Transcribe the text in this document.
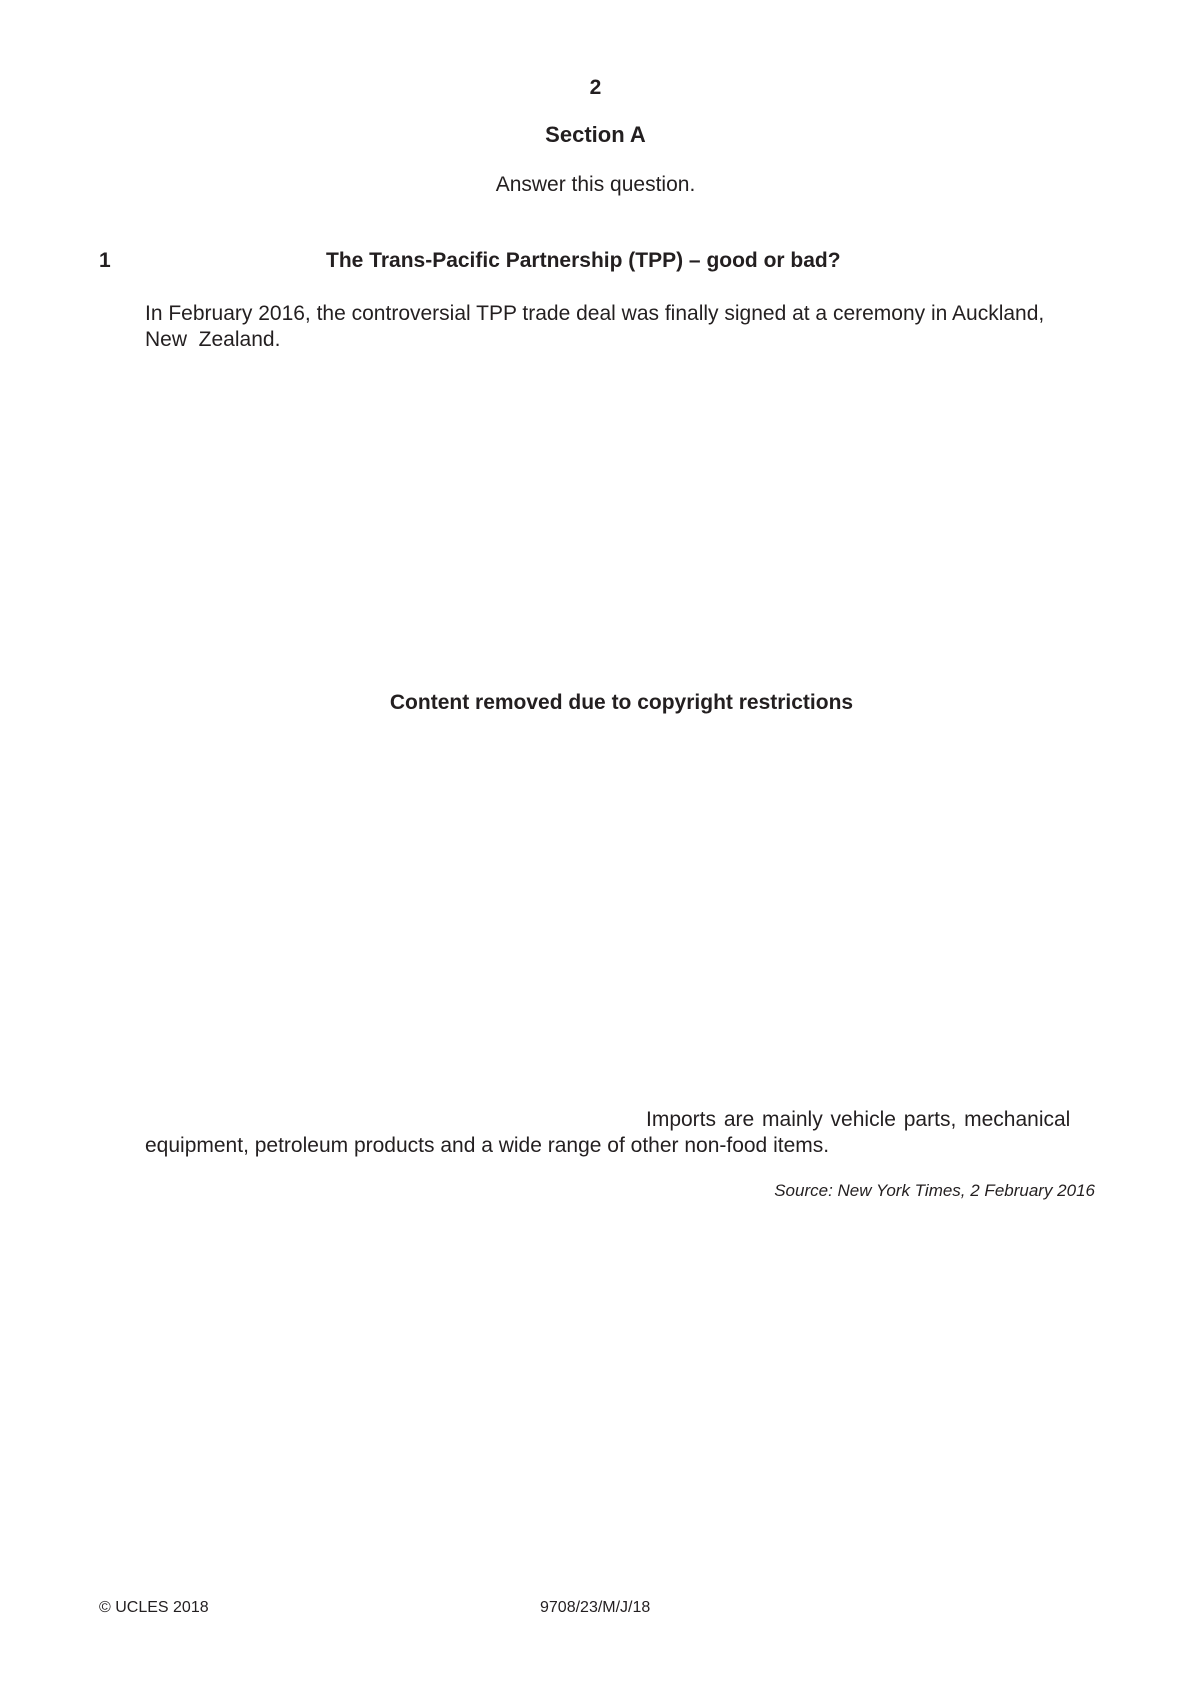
2
Section A
Answer this question.
1	The Trans-Pacific Partnership (TPP) – good or bad?
In February 2016, the controversial TPP trade deal was finally signed at a ceremony in Auckland,
New  Zealand.
Content removed due to copyright restrictions
Imports are mainly vehicle parts, mechanical
equipment, petroleum products and a wide range of other non-food items.
Source: New York Times, 2 February 2016
© UCLES 2018	9708/23/M/J/18
